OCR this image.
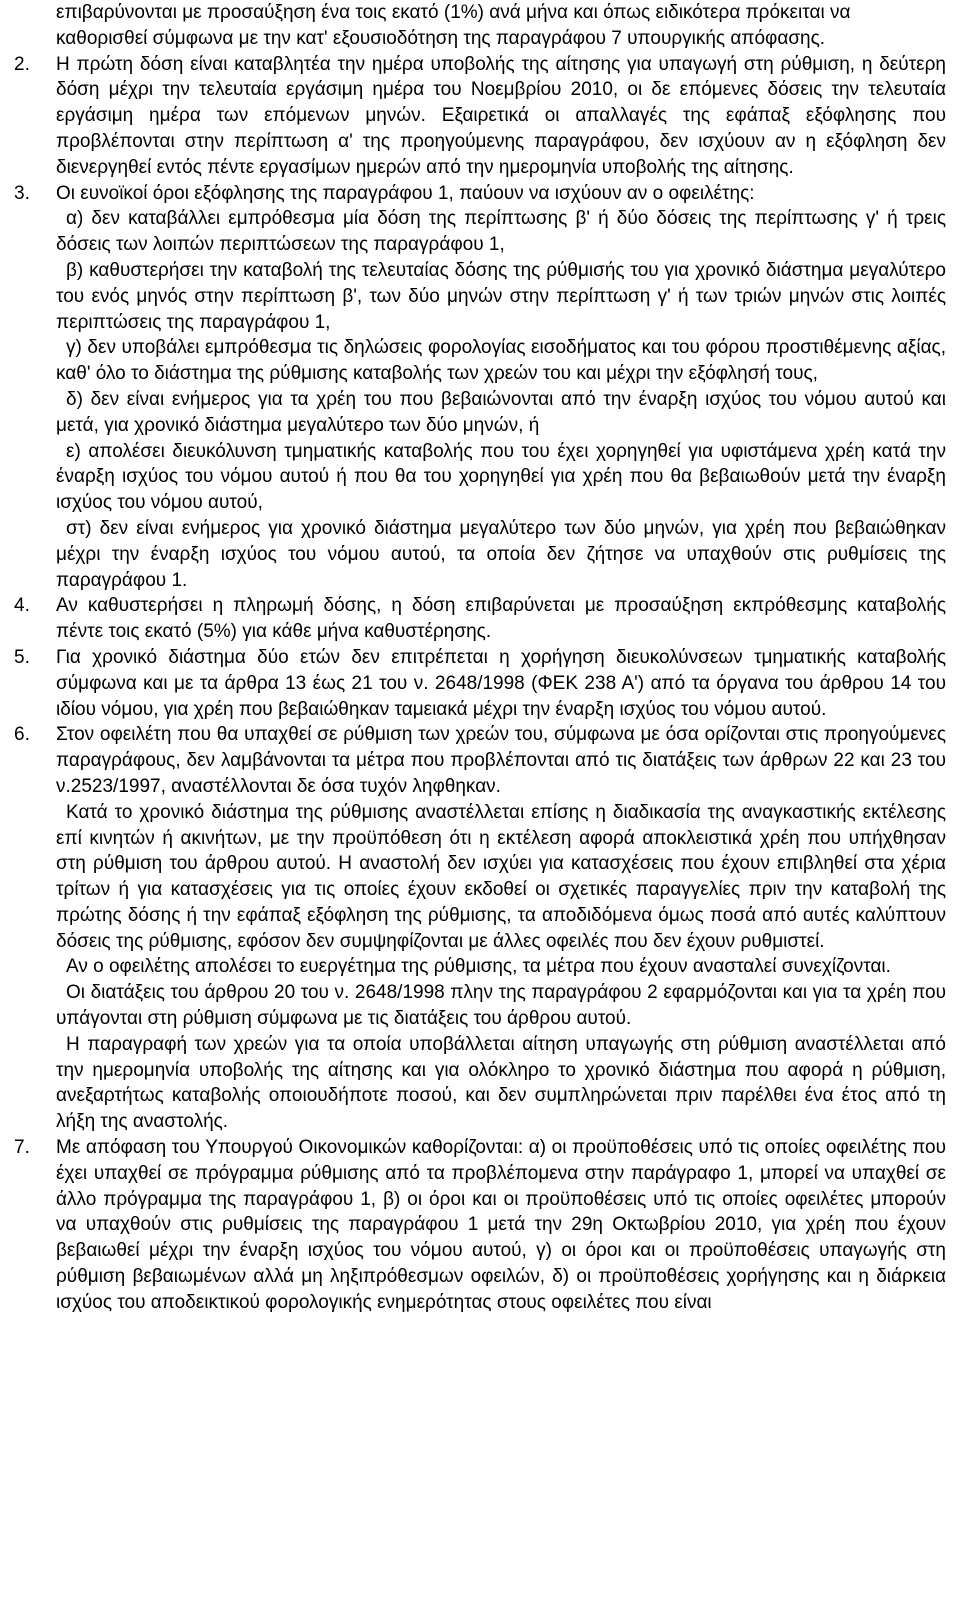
επιβαρύνονται με προσαύξηση ένα τοις εκατό (1%) ανά μήνα και όπως ειδικότερα πρόκειται να καθορισθεί σύμφωνα με την κατ' εξουσιοδότηση της παραγράφου 7 υπουργικής απόφασης.

2.	Η πρώτη δόση είναι καταβλητέα την ημέρα υποβολής της αίτησης για υπαγωγή στη ρύθμιση, η δεύτερη δόση μέχρι την τελευταία εργάσιμη ημέρα του Νοεμβρίου 2010, οι δε επόμενες δόσεις την τελευταία εργάσιμη ημέρα των επόμενων μηνών. Εξαιρετικά οι απαλλαγές της εφάπαξ εξόφλησης που προβλέπονται στην περίπτωση α' της προηγούμενης παραγράφου, δεν ισχύουν αν η εξόφληση δεν διενεργηθεί εντός πέντε εργασίμων ημερών από την ημερομηνία υποβολής της αίτησης.

3.	Οι ευνοϊκοί όροι εξόφλησης της παραγράφου 1, παύουν να ισχύουν αν ο οφειλέτης:

α) δεν καταβάλλει εμπρόθεσμα μία δόση της περίπτωσης β' ή δύο δόσεις της περίπτωσης γ' ή τρεις δόσεις των λοιπών περιπτώσεων της παραγράφου 1,

β) καθυστερήσει την καταβολή της τελευταίας δόσης της ρύθμισής του για χρονικό διάστημα μεγαλύτερο του ενός μηνός στην περίπτωση β', των δύο μηνών στην περίπτωση γ' ή των τριών μηνών στις λοιπές περιπτώσεις της παραγράφου 1,

γ) δεν υποβάλει εμπρόθεσμα τις δηλώσεις φορολογίας εισοδήματος και του φόρου προστιθέμενης αξίας, καθ' όλο το διάστημα της ρύθμισης καταβολής των χρεών του και μέχρι την εξόφλησή τους,

δ) δεν είναι ενήμερος για τα χρέη του που βεβαιώνονται από την έναρξη ισχύος του νόμου αυτού και μετά, για χρονικό διάστημα μεγαλύτερο των δύο μηνών, ή

ε) απολέσει διευκόλυνση τμηματικής καταβολής που του έχει χορηγηθεί για υφιστάμενα χρέη κατά την έναρξη ισχύος του νόμου αυτού ή που θα του χορηγηθεί για χρέη που θα βεβαιωθούν μετά την έναρξη ισχύος του νόμου αυτού,

στ) δεν είναι ενήμερος για χρονικό διάστημα μεγαλύτερο των δύο μηνών, για χρέη που βεβαιώθηκαν μέχρι την έναρξη ισχύος του νόμου αυτού, τα οποία δεν ζήτησε να υπαχθούν στις ρυθμίσεις της παραγράφου 1.

4.	Αν καθυστερήσει η πληρωμή δόσης, η δόση επιβαρύνεται με προσαύξηση εκπρόθεσμης καταβολής πέντε τοις εκατό (5%) για κάθε μήνα καθυστέρησης.

5.	Για χρονικό διάστημα δύο ετών δεν επιτρέπεται η χορήγηση διευκολύνσεων τμηματικής καταβολής σύμφωνα και με τα άρθρα 13 έως 21 του ν. 2648/1998 (ΦΕΚ 238 Α') από τα όργανα του άρθρου 14 του ιδίου νόμου, για χρέη που βεβαιώθηκαν ταμειακά μέχρι την έναρξη ισχύος του νόμου αυτού.

6.	Στον οφειλέτη που θα υπαχθεί σε ρύθμιση των χρεών του, σύμφωνα με όσα ορίζονται στις προηγούμενες παραγράφους, δεν λαμβάνονται τα μέτρα που προβλέπονται από τις διατάξεις των άρθρων 22 και 23 του ν.2523/1997, αναστέλλονται δε όσα τυχόν ληφθηκαν.

Κατά το χρονικό διάστημα της ρύθμισης αναστέλλεται επίσης η διαδικασία της αναγκαστικής εκτέλεσης επί κινητών ή ακινήτων, με την προϋπόθεση ότι η εκτέλεση αφορά αποκλειστικά χρέη που υπήχθησαν στη ρύθμιση του άρθρου αυτού. Η αναστολή δεν ισχύει για κατασχέσεις που έχουν επιβληθεί στα χέρια τρίτων ή για κατασχέσεις για τις οποίες έχουν εκδοθεί οι σχετικές παραγγελίες πριν την καταβολή της πρώτης δόσης ή την εφάπαξ εξόφληση της ρύθμισης, τα αποδιδόμενα όμως ποσά από αυτές καλύπτουν δόσεις της ρύθμισης, εφόσον δεν συμψηφίζονται με άλλες οφειλές που δεν έχουν ρυθμιστεί.

Αν ο οφειλέτης απολέσει το ευεργέτημα της ρύθμισης, τα μέτρα που έχουν ανασταλεί συνεχίζονται.

Οι διατάξεις του άρθρου 20 του ν. 2648/1998 πλην της παραγράφου 2 εφαρμόζονται και για τα χρέη που υπάγονται στη ρύθμιση σύμφωνα με τις διατάξεις του άρθρου αυτού.

Η παραγραφή των χρεών για τα οποία υποβάλλεται αίτηση υπαγωγής στη ρύθμιση αναστέλλεται από την ημερομηνία υποβολής της αίτησης και για ολόκληρο το χρονικό διάστημα που αφορά η ρύθμιση, ανεξαρτήτως καταβολής οποιουδήποτε ποσού, και δεν συμπληρώνεται πριν παρέλθει ένα έτος από τη λήξη της αναστολής.

7.	Με απόφαση του Υπουργού Οικονομικών καθορίζονται: α) οι προϋποθέσεις υπό τις οποίες οφειλέτης που έχει υπαχθεί σε πρόγραμμα ρύθμισης από τα προβλέπομενα στην παράγραφο 1, μπορεί να υπαχθεί σε άλλο πρόγραμμα της παραγράφου 1, β) οι όροι και οι προϋποθέσεις υπό τις οποίες οφειλέτες μπορούν να υπαχθούν στις ρυθμίσεις της παραγράφου 1 μετά την 29η Οκτωβρίου 2010, για χρέη που έχουν βεβαιωθεί μέχρι την έναρξη ισχύος του νόμου αυτού, γ) οι όροι και οι προϋποθέσεις υπαγωγής στη ρύθμιση βεβαιωμένων αλλά μη ληξιπρόθεσμων οφειλών, δ) οι προϋποθέσεις χορήγησης και η διάρκεια ισχύος του αποδεικτικού φορολογικής ενημερότητας στους οφειλέτες που είναι
